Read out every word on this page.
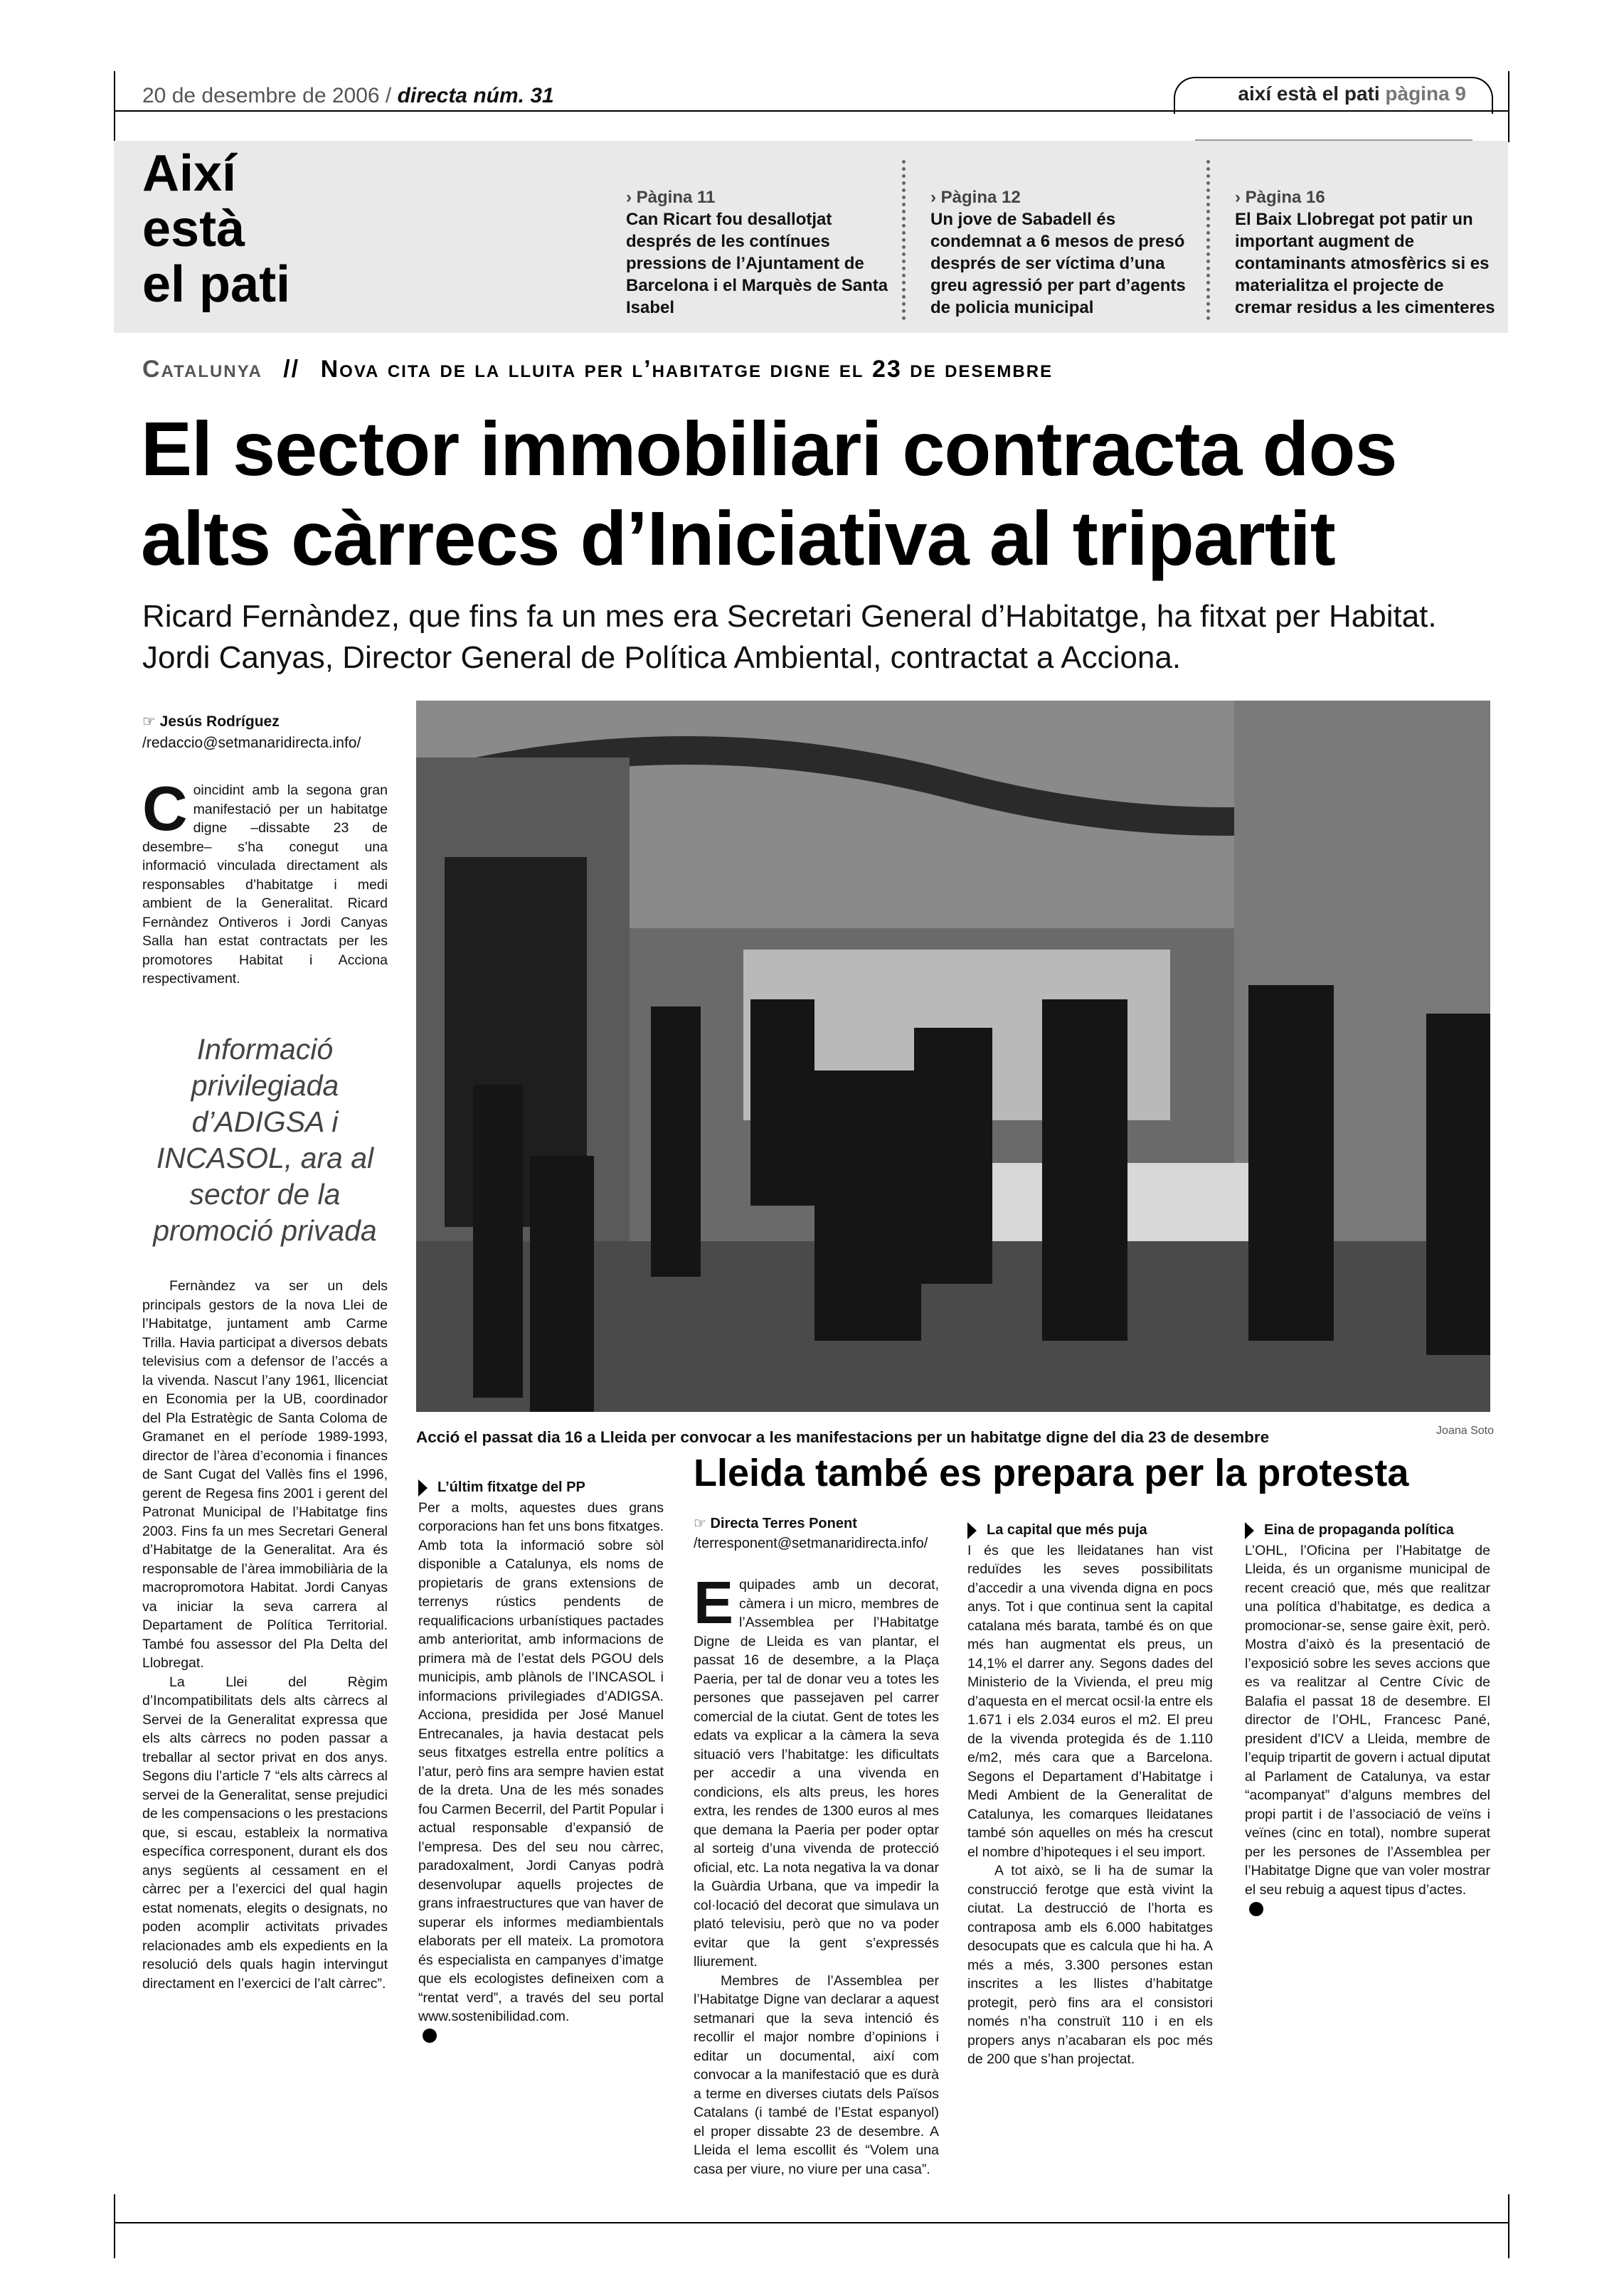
20 de desembre de 2006 / directa núm. 31	així està el pati pàgina 9
Així
està
el pati
› Pàgina 11
Can Ricart fou desallotjat després de les contínues pressions de l’Ajuntament de Barcelona i el Marquès de Santa Isabel
› Pàgina 12
Un jove de Sabadell és condemnat a 6 mesos de presó després de ser víctima d’una greu agressió per part d’agents de policia municipal
› Pàgina 16
El Baix Llobregat pot patir un important augment de contaminants atmosfèrics si es materialitza el projecte de cremar residus a les cimenteres
Catalunya // Nova cita de la lluita per l’habitatge digne el 23 de desembre
El sector immobiliari contracta dos
alts càrrecs d’Iniciativa al tripartit
Ricard Fernàndez, que fins fa un mes era Secretari General d’Habitatge, ha fitxat per Habitat. Jordi Canyas, Director General de Política Ambiental, contractat a Acciona.
☞ Jesús Rodríguez
/redaccio@setmanaridirecta.info/
Coincidint amb la segona gran manifestació per un habitatge digne –dissabte 23 de desembre– s’ha conegut una informació vinculada directament als responsables d’habitatge i medi ambient de la Generalitat. Ricard Fernàndez Ontiveros i Jordi Canyas Salla han estat contractats per les promotores Habitat i Acciona respectivament.
Informació privilegiada d’ADIGSA i INCASOL, ara al sector de la promoció privada

Fernàndez va ser un dels principals gestors de la nova Llei de l’Habitatge, juntament amb Carme Trilla. Havia participat a diversos debats televisius com a defensor de l’accés a la vivenda. Nascut l’any 1961, llicenciat en Economia per la UB, coordinador del Pla Estratègic de Santa Coloma de Gramanet en el període 1989-1993, director de l’àrea d’economia i finances de Sant Cugat del Vallès fins el 1996, gerent de Regesa fins 2001 i gerent del Patronat Municipal de l’Habitatge fins 2003. Fins fa un mes Secretari General d’Habitatge de la Generalitat. Ara és responsable de l’àrea immobiliària de la macropromotora Habitat. Jordi Canyas va iniciar la seva carrera al Departament de Política Territorial. També fou assessor del Pla Delta del Llobregat.

La Llei del Règim d’Incompatibilitats dels alts càrrecs al Servei de la Generalitat expressa que els alts càrrecs no poden passar a treballar al sector privat en dos anys. Segons diu l’article 7 “els alts càrrecs al servei de la Generalitat, sense prejudici de les compensacions o les prestacions que, si escau, estableix la normativa específica corresponent, durant els dos anys següents al cessament en el càrrec per a l’exercici del qual hagin estat nomenats, elegits o designats, no poden acomplir activitats privades relacionades amb els expedients en la resolució dels quals hagin intervingut directament en l’exercici de l’alt càrrec”.

Acció el passat dia 16 a Lleida per convocar a les manifestacions per un habitatge digne del dia 23 de desembre	Joana Soto
L’últim fitxatge del PP

Per a molts, aquestes dues grans corporacions han fet uns bons fitxatges. Amb tota la informació sobre sòl disponible a Catalunya, els noms de propietaris de grans extensions de terrenys rústics pendents de requalificacions urbanístiques pactades amb anterioritat, amb informacions de primera mà de l’estat dels PGOU dels municipis, amb plànols de l’INCASOL i informacions privilegiades d’ADIGSA. Acciona, presidida per José Manuel Entrecanales, ja havia destacat pels seus fitxatges estrella entre polítics a l’atur, però fins ara sempre havien estat de la dreta. Una de les més sonades fou Carmen Becerril, del Partit Popular i actual responsable d’expansió de l’empresa. Des del seu nou càrrec, paradoxalment, Jordi Canyas podrà desenvolupar aquells projectes de grans infraestructures que van haver de superar els informes mediambientals elaborats per ell mateix. La promotora és especialista en campanyes d’imatge que els ecologistes defineixen com a “rentat verd”, a través del seu portal www.sostenibilidad.com.

Lleida també es prepara per la protesta
☞ Directa Terres Ponent
/terresponent@setmanaridirecta.info/

Equipades amb un decorat, càmera i un micro, membres de l’Assemblea per l’Habitatge Digne de Lleida es van plantar, el passat 16 de desembre, a la Plaça Paeria, per tal de donar veu a totes les persones que passejaven pel carrer comercial de la ciutat. Gent de totes les edats va explicar a la càmera la seva situació vers l’habitatge: les dificultats per accedir a una vivenda en condicions, els alts preus, les hores extra, les rendes de 1300 euros al mes que demana la Paeria per poder optar al sorteig d’una vivenda de protecció oficial, etc. La nota negativa la va donar la Guàrdia Urbana, que va impedir la col·locació del decorat que simulava un plató televisiu, però que no va poder evitar que la gent s’expressés lliurement.

Membres de l’Assemblea per l’Habitatge Digne van declarar a aquest setmanari que la seva intenció és recollir el major nombre d’opinions i editar un documental, així com convocar a la manifestació que es durà a terme en diverses ciutats dels Països Catalans (i també de l’Estat espanyol) el proper dissabte 23 de desembre. A Lleida el lema escollit és “Volem una casa per viure, no viure per una casa”.

La capital que més puja

I és que les lleidatanes han vist reduïdes les seves possibilitats d’accedir a una vivenda digna en pocs anys. Tot i que continua sent la capital catalana més barata, també és on que més han augmentat els preus, un 14,1% el darrer any. Segons dades del Ministerio de la Vivienda, el preu mig d’aquesta en el mercat ocsil·la entre els 1.671 i els 2.034 euros el m2. El preu de la vivenda protegida és de 1.110 e/m2, més cara que a Barcelona. Segons el Departament d’Habitatge i Medi Ambient de la Generalitat de Catalunya, les comarques lleidatanes també són aquelles on més ha crescut el nombre d’hipoteques i el seu import.

A tot això, se li ha de sumar la construcció ferotge que està vivint la ciutat. La destrucció de l’horta es contraposa amb els 6.000 habitatges desocupats que es calcula que hi ha. A més a més, 3.300 persones estan inscrites a les llistes d’habitatge protegit, però fins ara el consistori només n’ha construït 110 i en els propers anys n’acabaran els poc més de 200 que s’han projectat.

Eina de propaganda política

L’OHL, l’Oficina per l’Habitatge de Lleida, és un organisme municipal de recent creació que, més que realitzar una política d’habitatge, es dedica a promocionar-se, sense gaire èxit, però. Mostra d’això és la presentació de l’exposició sobre les seves accions que es va realitzar al Centre Cívic de Balafia el passat 18 de desembre. El director de l’OHL, Francesc Pané, president d’ICV a Lleida, membre de l’equip tripartit de govern i actual diputat al Parlament de Catalunya, va estar “acompanyat” d’alguns membres del propi partit i de l’associació de veïns i veïnes (cinc en total), nombre superat per les persones de l’Assemblea per l’Habitatge Digne que van voler mostrar el seu rebuig a aquest tipus d’actes.
